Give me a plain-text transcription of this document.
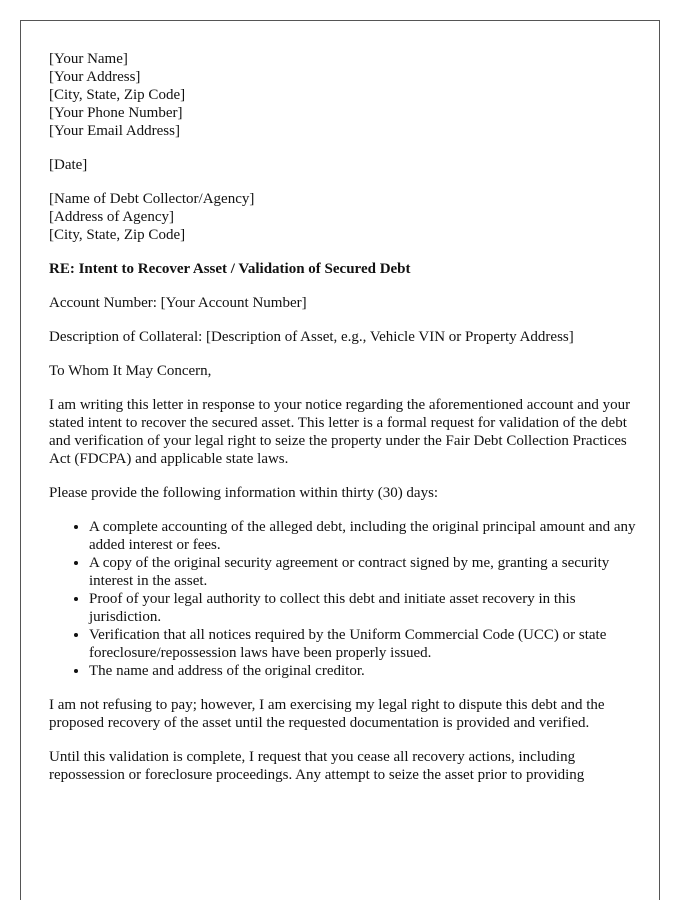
[Your Name]
[Your Address]
[City, State, Zip Code]
[Your Phone Number]
[Your Email Address]

[Date]

[Name of Debt Collector/Agency]
[Address of Agency]
[City, State, Zip Code]

RE: Intent to Recover Asset / Validation of Secured Debt

Account Number: [Your Account Number]

Description of Collateral: [Description of Asset, e.g., Vehicle VIN or Property Address]

To Whom It May Concern,

I am writing this letter in response to your notice regarding the aforementioned account and your stated intent to recover the secured asset. This letter is a formal request for validation of the debt and verification of your legal right to seize the property under the Fair Debt Collection Practices Act (FDCPA) and applicable state laws.

Please provide the following information within thirty (30) days:

• A complete accounting of the alleged debt, including the original principal amount and any added interest or fees.
• A copy of the original security agreement or contract signed by me, granting a security interest in the asset.
• Proof of your legal authority to collect this debt and initiate asset recovery in this jurisdiction.
• Verification that all notices required by the Uniform Commercial Code (UCC) or state foreclosure/repossession laws have been properly issued.
• The name and address of the original creditor.

I am not refusing to pay; however, I am exercising my legal right to dispute this debt and the proposed recovery of the asset until the requested documentation is provided and verified.

Until this validation is complete, I request that you cease all recovery actions, including repossession or foreclosure proceedings. Any attempt to seize the asset prior to providing
